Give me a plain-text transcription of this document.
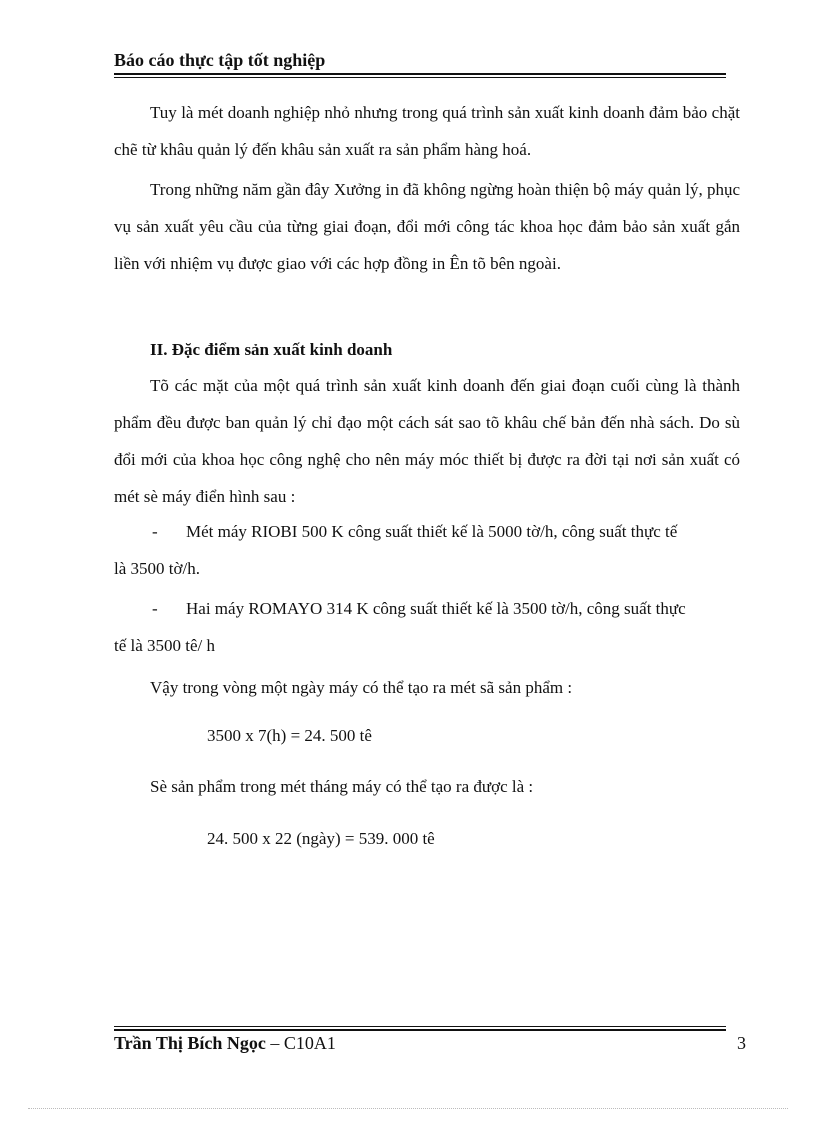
Báo cáo thực tập tốt nghiệp

Tuy là mét doanh nghiệp nhỏ nhưng trong quá trình sản xuất kinh doanh đảm bảo chặt chẽ từ khâu quản lý đến khâu sản xuất ra sản phẩm hàng hoá.

Trong những năm gần đây Xưởng in đã không ngừng hoàn thiện bộ máy quản lý, phục vụ sản xuất yêu cầu của từng giai đoạn, đổi mới công tác khoa học đảm bảo sản xuất gắn liền với nhiệm vụ được giao với các hợp đồng in Ên tõ bên ngoài.

II. Đặc điểm sản xuất kinh doanh

Tõ các mặt của một quá trình sản xuất kinh doanh đến giai đoạn cuối cùng là thành phẩm đều được ban quản lý chỉ đạo một cách sát sao tõ khâu chế bản đến nhà sách. Do sù đổi mới của khoa học công nghệ cho nên máy móc thiết bị được ra đời tại nơi sản xuất có mét sè máy điển hình sau :

-	Mét máy RIOBI 500 K công suất thiết kế là 5000 tờ/h, công suất thực tế
là 3500 tờ/h.
-	Hai máy ROMAYO 314 K công suất thiết kế là 3500 tờ/h, công suất thực
tế là 3500 tê/ h

Vậy trong vòng một ngày máy có thể tạo ra mét sã sản phẩm :

3500 x 7(h) = 24. 500 tê

Sè sản phẩm trong mét tháng máy có thể tạo ra được là :

24. 500 x 22 (ngày) = 539. 000 tê

Trần Thị Bích Ngọc – C10A1	3
